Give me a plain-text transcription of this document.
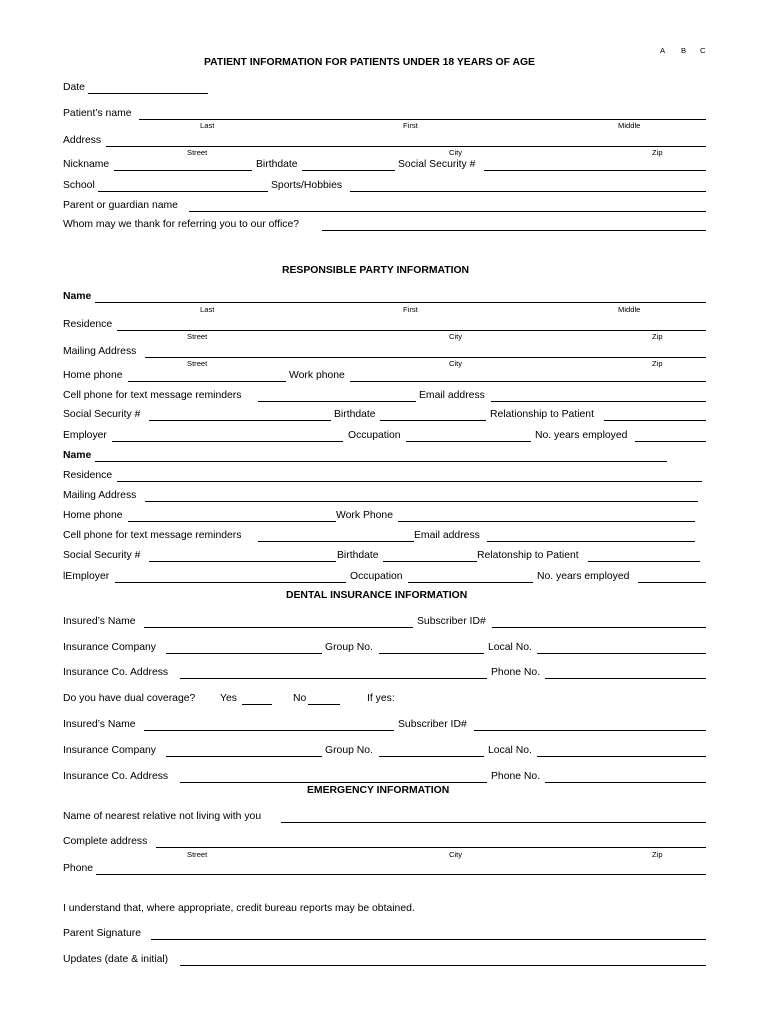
A B C
PATIENT INFORMATION FOR PATIENTS UNDER 18 YEARS OF AGE
Date
Patient’s name
Last	First	Middle
Address
Street	City	Zip
Nickname	Birthdate	Social Security #
School	Sports/Hobbies
Parent or guardian name
Whom may we thank for referring you to our office?
RESPONSIBLE PARTY INFORMATION
Name
Last	First	Middle
Residence
Street	City	Zip
Mailing Address
Street	City	Zip
Home phone	Work phone
Cell phone for text message reminders	Email address
Social Security #	Birthdate	Relationship to Patient
Employer	Occupation	No. years employed
Name
Residence
Mailing Address
Home phone	Work Phone
Cell phone for text message reminders	Email address
Social Security #	Birthdate	Relatonship to Patient
lEmployer	Occupation	No. years employed
DENTAL INSURANCE INFORMATION
Insured’s Name	Subscriber ID#
Insurance Company	Group No.	Local No.
Insurance Co. Address	Phone No.
Do you have dual coverage? Yes	No	If yes:
Insured’s Name	Subscriber ID#
Insurance Company	Group No.	Local No.
Insurance Co. Address	Phone No.
EMERGENCY INFORMATION
Name of nearest relative not living with you
Complete address
Street	City	Zip
Phone
I understand that, where appropriate, credit bureau reports may be obtained.
Parent Signature
Updates (date & initial)
